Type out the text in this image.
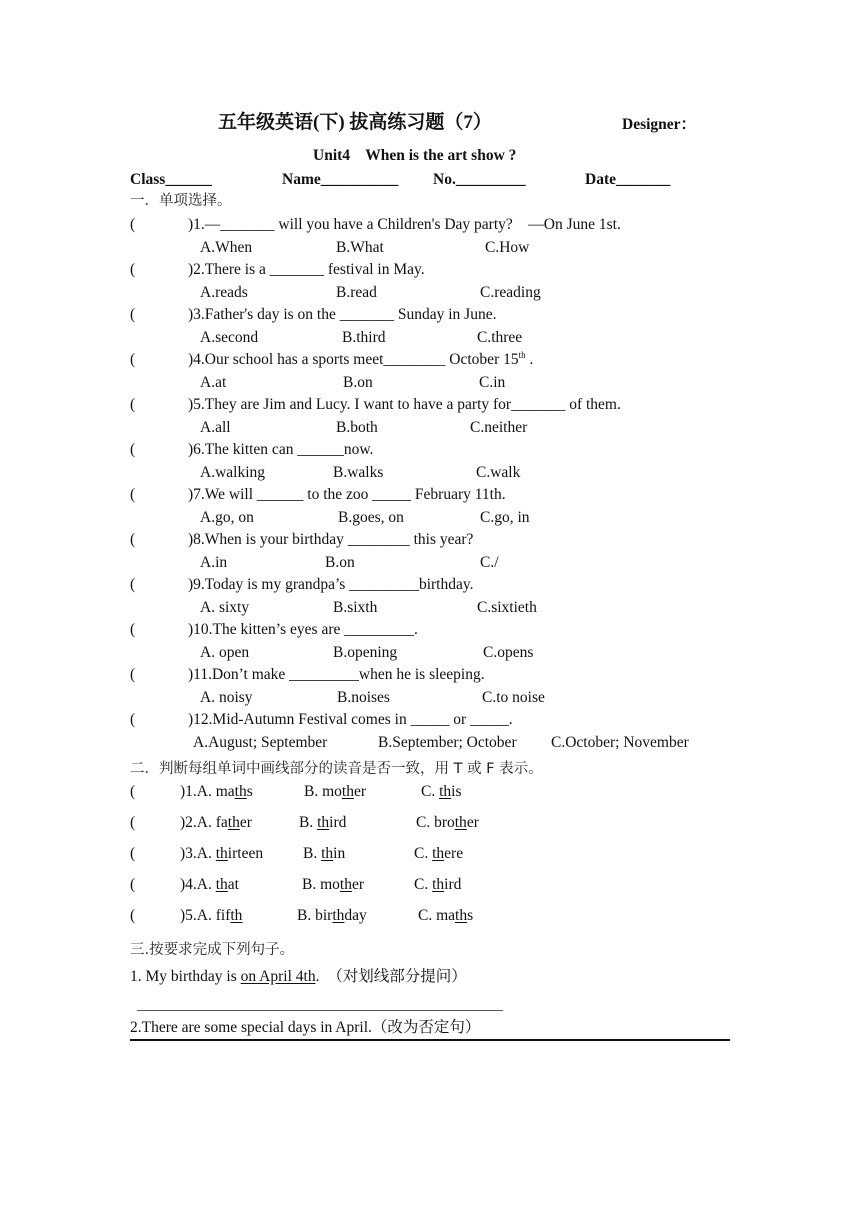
五年级英语(下) 拔高练习题（7）	Designer：
Unit4    When is the art show ?
Class______	Name__________ No._________	Date_______
一．单项选择。
(	)1.—_______ will you have a Children's Day party?    —On June 1st.
A.When	B.What	C.How
(	)2.There is a _______ festival in May.
A.reads	B.read	C.reading
(	)3.Father's day is on the _______ Sunday in June.
A.second	B.third	C.three
(	)4.Our school has a sports meet________ October 15th .
A.at	B.on	C.in
(	)5.They are Jim and Lucy. I want to have a party for_______ of them.
A.all	B.both	C.neither
(	)6.The kitten can ______now.
A.walking	B.walks	C.walk
(	)7.We will ______ to the zoo _____ February 11th.
A.go, on	B.goes, on	C.go, in
(	)8.When is your birthday ________ this year?
A.in	B.on	C./
(	)9.Today is my grandpa’s _________birthday.
A. sixty	B.sixth	C.sixtieth
(	)10.The kitten’s eyes are _________.
A. open	B.opening	C.opens
(	)11.Don’t make _________when he is sleeping.
A. noisy	B.noises	C.to noise
(	)12.Mid-Autumn Festival comes in _____ or _____.
A.August; September	B.September; October C.October; November
二．判断每组单词中画线部分的读音是否一致，用 T 或 F 表示。
(	)1.A. maths	B. mother	C. this
(	)2.A. father	B. third	C. brother
(	)3.A. thirteen	B. thin	C. there
(	)4.A. that	B. mother	C. third
(	)5.A. fifth	B. birthday	C. maths
三.按要求完成下列句子。
1. My birthday is on April 4th.  （对划线部分提问）
2.There are some special days in April.（改为否定句）
